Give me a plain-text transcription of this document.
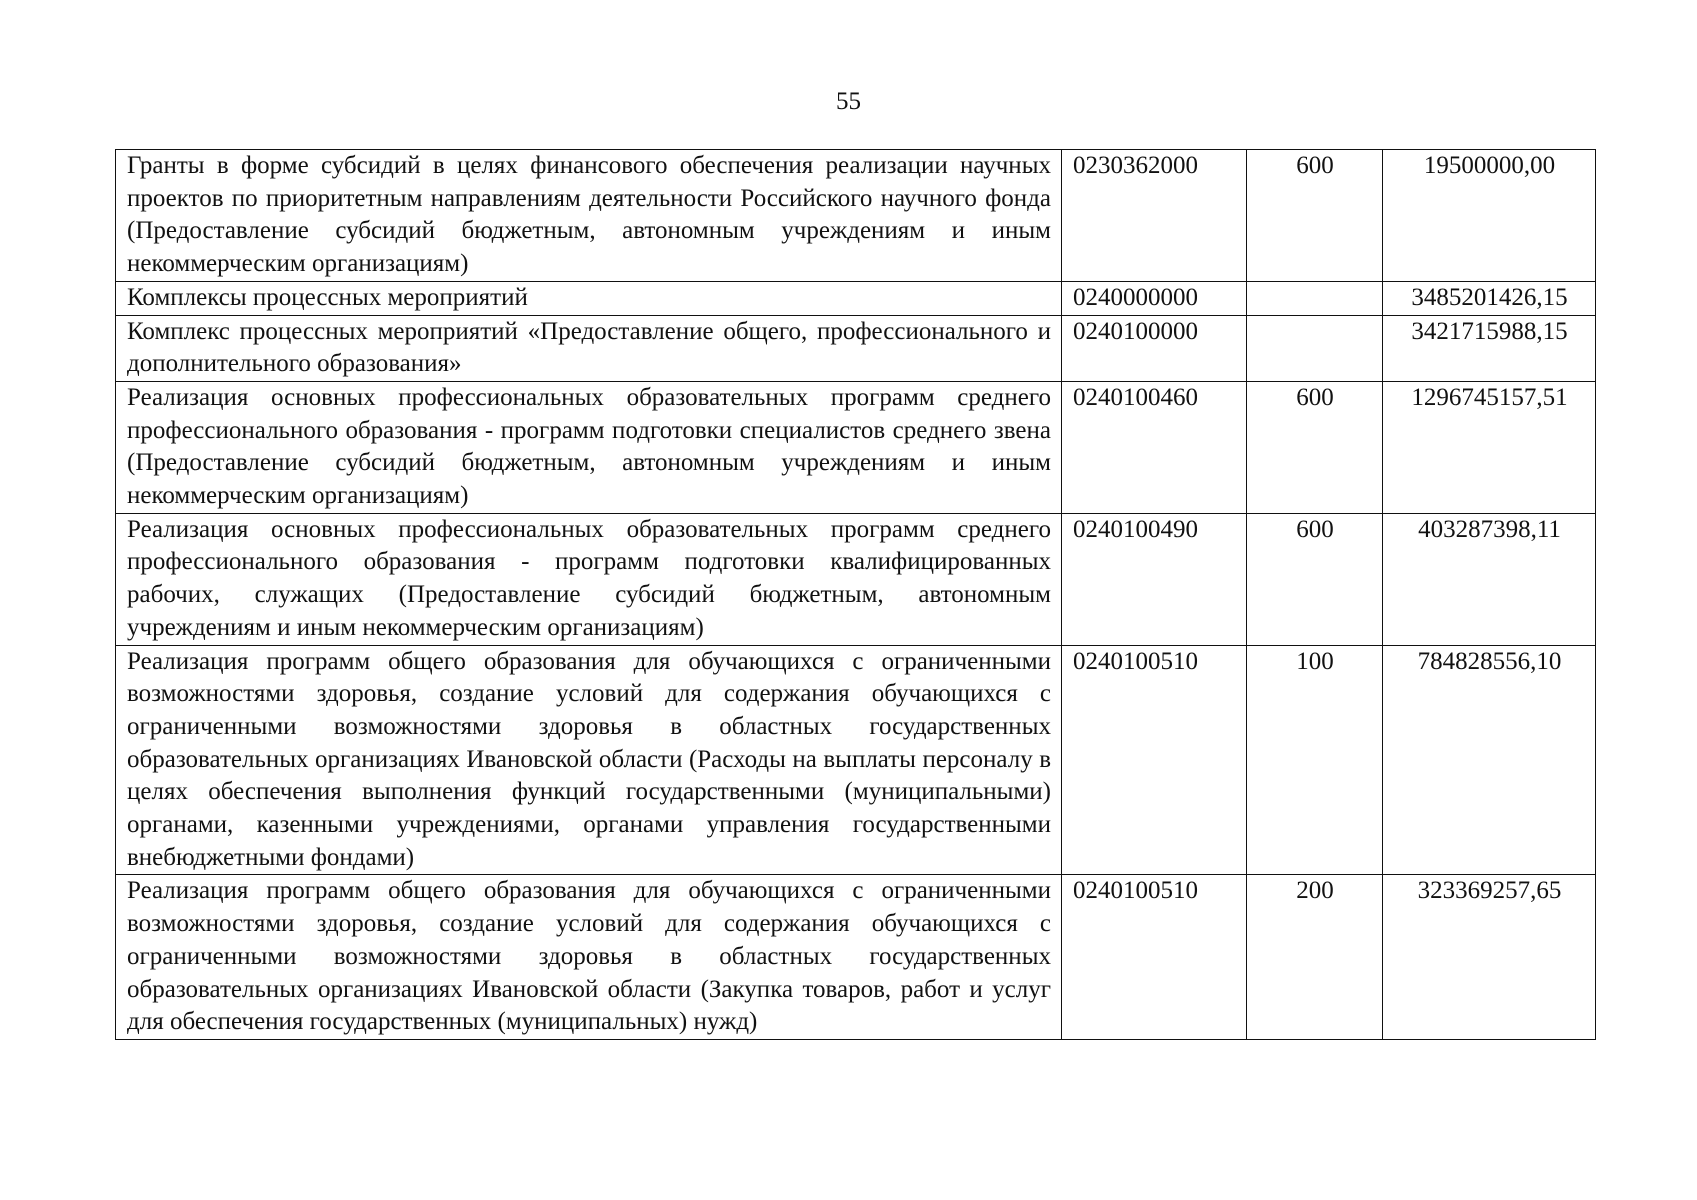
55
Гранты в форме субсидий в целях финансового обеспечения реализации научных проектов по приоритетным направлениям деятельности Российского научного фонда (Предоставление субсидий бюджетным, автономным учреждениям и иным некоммерческим организациям)	0230362000	600	19500000,00
Комплексы процессных мероприятий	0240000000		3485201426,15
Комплекс процессных мероприятий «Предоставление общего, профессионального и дополнительного образования»	0240100000		3421715988,15
Реализация основных профессиональных образовательных программ среднего профессионального образования - программ подготовки специалистов среднего звена (Предоставление субсидий бюджетным, автономным учреждениям и иным некоммерческим организациям)	0240100460	600	1296745157,51
Реализация основных профессиональных образовательных программ среднего профессионального образования - программ подготовки квалифицированных рабочих, служащих (Предоставление субсидий бюджетным, автономным учреждениям и иным некоммерческим организациям)	0240100490	600	403287398,11
Реализация программ общего образования для обучающихся с ограниченными возможностями здоровья, создание условий для содержания обучающихся с ограниченными возможностями здоровья в областных государственных образовательных организациях Ивановской области (Расходы на выплаты персоналу в целях обеспечения выполнения функций государственными (муниципальными) органами, казенными учреждениями, органами управления государственными внебюджетными фондами)	0240100510	100	784828556,10
Реализация программ общего образования для обучающихся с ограниченными возможностями здоровья, создание условий для содержания обучающихся с ограниченными возможностями здоровья в областных государственных образовательных организациях Ивановской области (Закупка товаров, работ и услуг для обеспечения государственных (муниципальных) нужд)	0240100510	200	323369257,65
